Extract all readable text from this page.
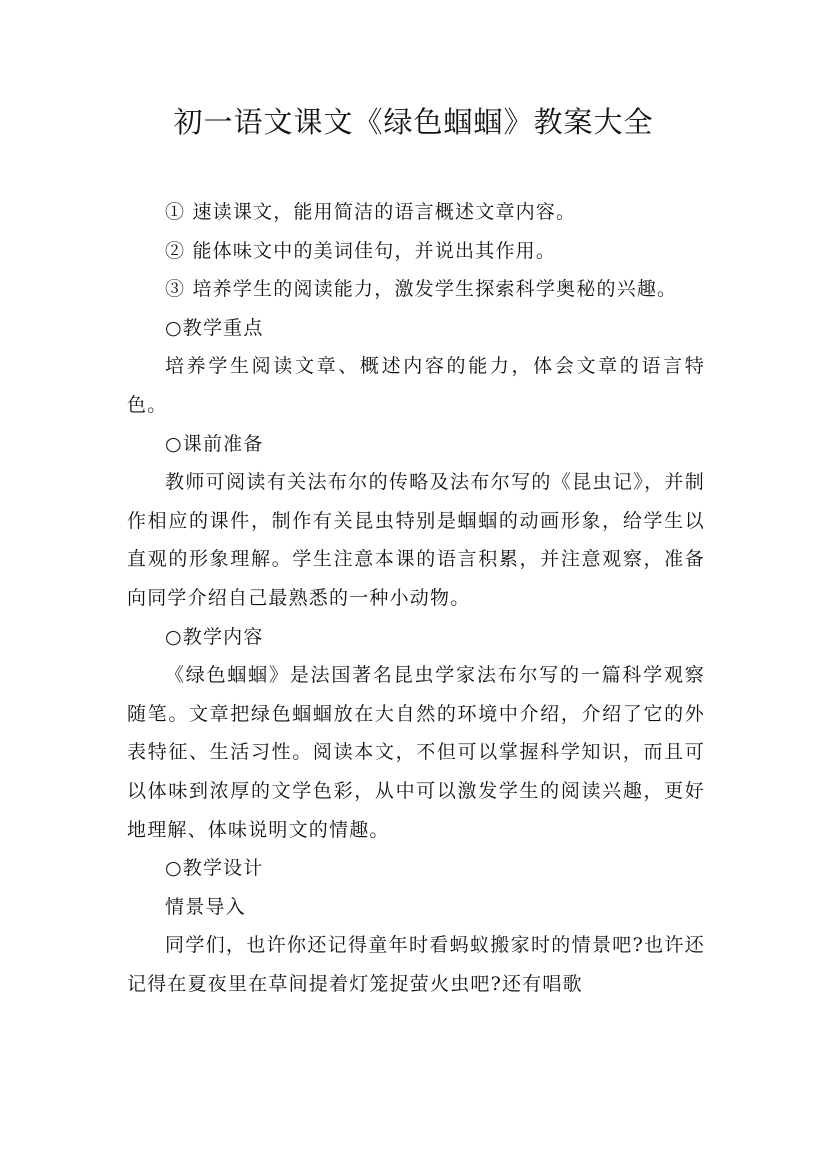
初一语文课文《绿色蝈蝈》教案大全

① 速读课文，能用简洁的语言概述文章内容。

② 能体味文中的美词佳句，并说出其作用。

③ 培养学生的阅读能力，激发学生探索科学奥秘的兴趣。

○教学重点

培养学生阅读文章、概述内容的能力，体会文章的语言特色。

○课前准备

教师可阅读有关法布尔的传略及法布尔写的《昆虫记》，并制作相应的课件，制作有关昆虫特别是蝈蝈的动画形象，给学生以直观的形象理解。学生注意本课的语言积累，并注意观察，准备向同学介绍自己最熟悉的一种小动物。

○教学内容

《绿色蝈蝈》是法国著名昆虫学家法布尔写的一篇科学观察随笔。文章把绿色蝈蝈放在大自然的环境中介绍，介绍了它的外表特征、生活习性。阅读本文，不但可以掌握科学知识，而且可以体味到浓厚的文学色彩，从中可以激发学生的阅读兴趣，更好地理解、体味说明文的情趣。

○教学设计

情景导入

同学们，也许你还记得童年时看蚂蚁搬家时的情景吧?也许还记得在夏夜里在草间提着灯笼捉萤火虫吧?还有唱歌
